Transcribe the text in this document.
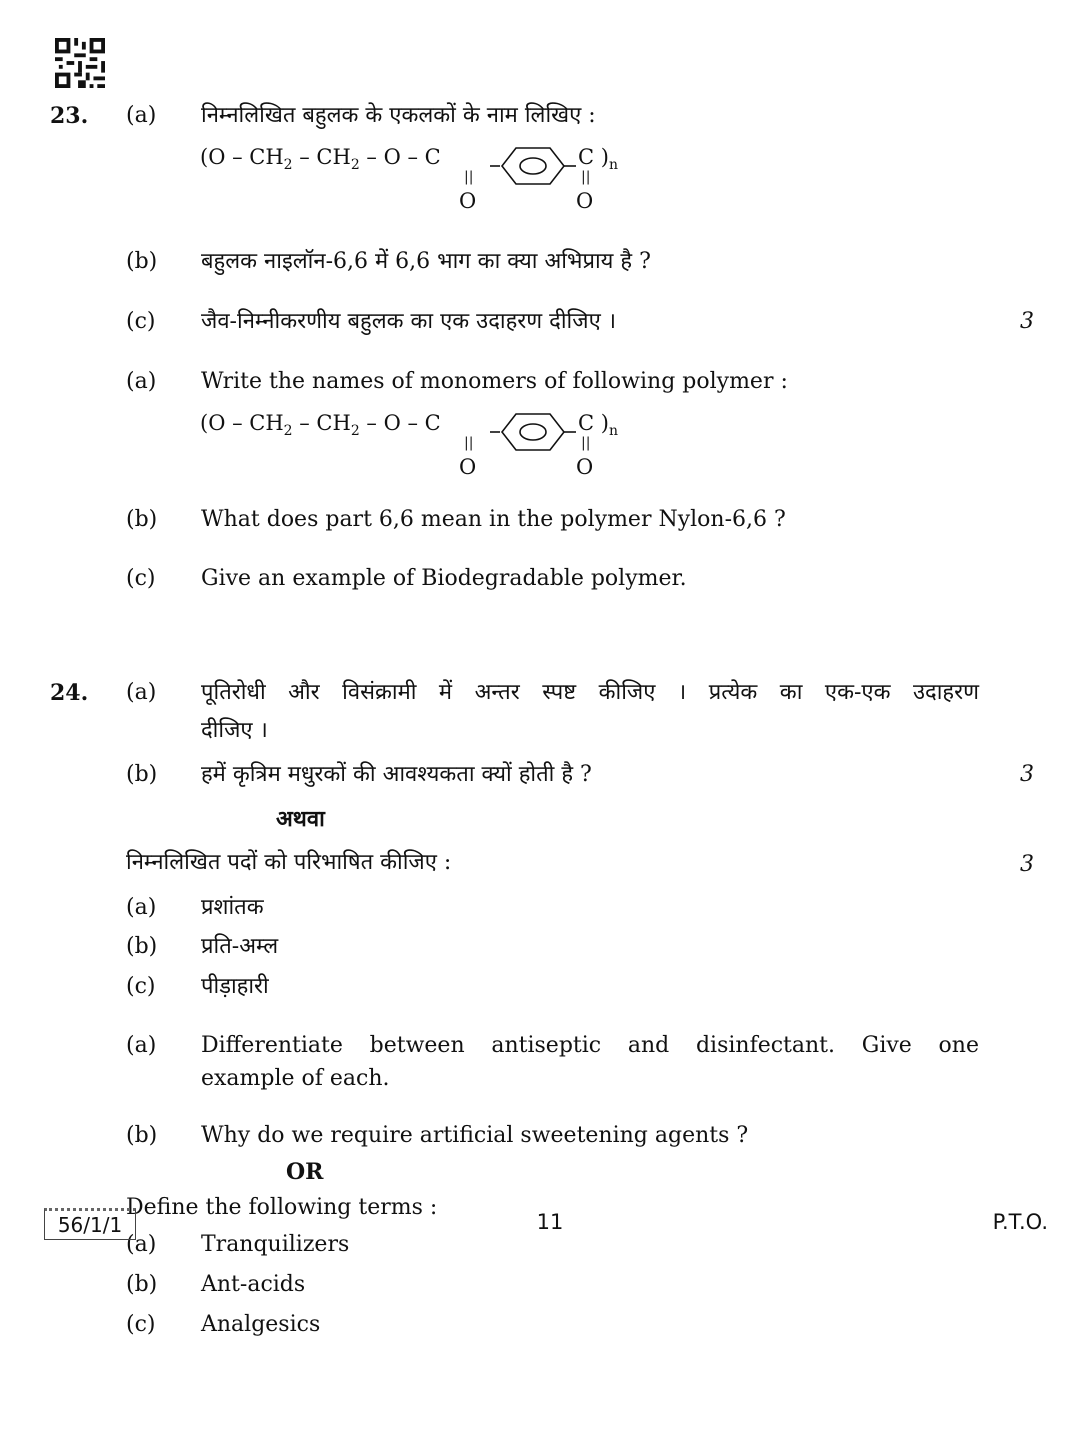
23. (a) निम्नलिखित बहुलक के एकलकों के नाम लिखिए :
($O - CH_2 - CH_2$ – O – C	C )$_n$
||
O
||
O
(b) बहुलक नाइलॉन-6,6 में 6,6 भाग का क्या अभिप्राय है ?
(c) जैव-निम्नीकरणीय बहुलक का एक उदाहरण दीजिए ।	3
(a) Write the names of monomers of following polymer :
($O - CH_2 - CH_2$ – O – C	C )$_n$
||
O
||
O
(b) What does part 6,6 mean in the polymer Nylon-6,6 ?
(c) Give an example of Biodegradable polymer.
24. (a) पूतिरोधी और विसंक्रामी में अन्तर स्पष्ट कीजिए । प्रत्येक का एक-एक उदाहरण
दीजिए ।
(b) हमें कृत्रिम मधुरकों की आवश्यकता क्यों होती है ?	3
अथवा
निम्नलिखित पदों को परिभाषित कीजिए :	3
(a) प्रशांतक
(b) प्रति-अम्ल
(c) पीड़ाहारी
(a) Differentiate between antiseptic and disinfectant. Give one
example of each.
(b) Why do we require artificial sweetening agents ?
OR
Define the following terms :
(a) Tranquilizers
(b) Ant-acids
(c) Analgesics
56/1/1	11	P.T.O.
